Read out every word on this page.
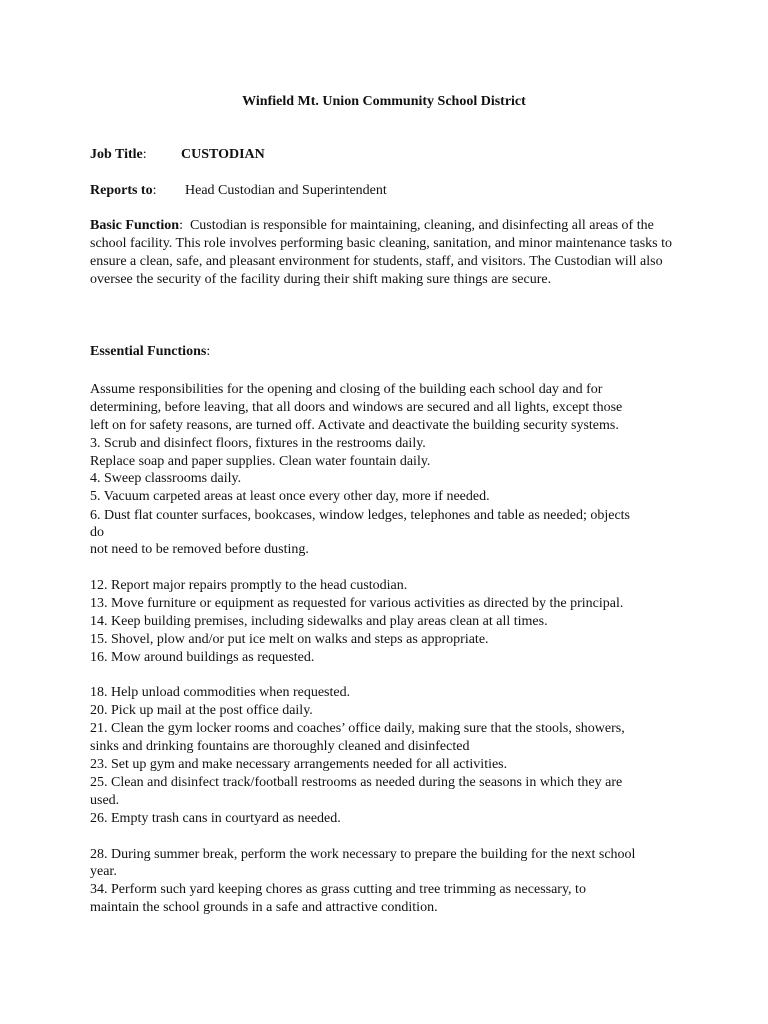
Winfield Mt. Union Community School District
Job Title: CUSTODIAN
Reports to: Head Custodian and Superintendent
Basic Function: Custodian is responsible for maintaining, cleaning, and disinfecting all areas of the school facility. This role involves performing basic cleaning, sanitation, and minor maintenance tasks to ensure a clean, safe, and pleasant environment for students, staff, and visitors. The Custodian will also oversee the security of the facility during their shift making sure things are secure.
Essential Functions:
Assume responsibilities for the opening and closing of the building each school day and for
determining, before leaving, that all doors and windows are secured and all lights, except those
left on for safety reasons, are turned off. Activate and deactivate the building security systems.
3. Scrub and disinfect floors, fixtures in the restrooms daily.
Replace soap and paper supplies. Clean water fountain daily.
4. Sweep classrooms daily.
5. Vacuum carpeted areas at least once every other day, more if needed.
6. Dust flat counter surfaces, bookcases, window ledges, telephones and table as needed; objects
do
not need to be removed before dusting.
12. Report major repairs promptly to the head custodian.
13. Move furniture or equipment as requested for various activities as directed by the principal.
14. Keep building premises, including sidewalks and play areas clean at all times.
15. Shovel, plow and/or put ice melt on walks and steps as appropriate.
16. Mow around buildings as requested.
18. Help unload commodities when requested.
20. Pick up mail at the post office daily.
21. Clean the gym locker rooms and coaches’ office daily, making sure that the stools, showers,
sinks and drinking fountains are thoroughly cleaned and disinfected
23. Set up gym and make necessary arrangements needed for all activities.
25. Clean and disinfect track/football restrooms as needed during the seasons in which they are
used.
26. Empty trash cans in courtyard as needed.
28. During summer break, perform the work necessary to prepare the building for the next school
year.
34. Perform such yard keeping chores as grass cutting and tree trimming as necessary, to
maintain the school grounds in a safe and attractive condition.
